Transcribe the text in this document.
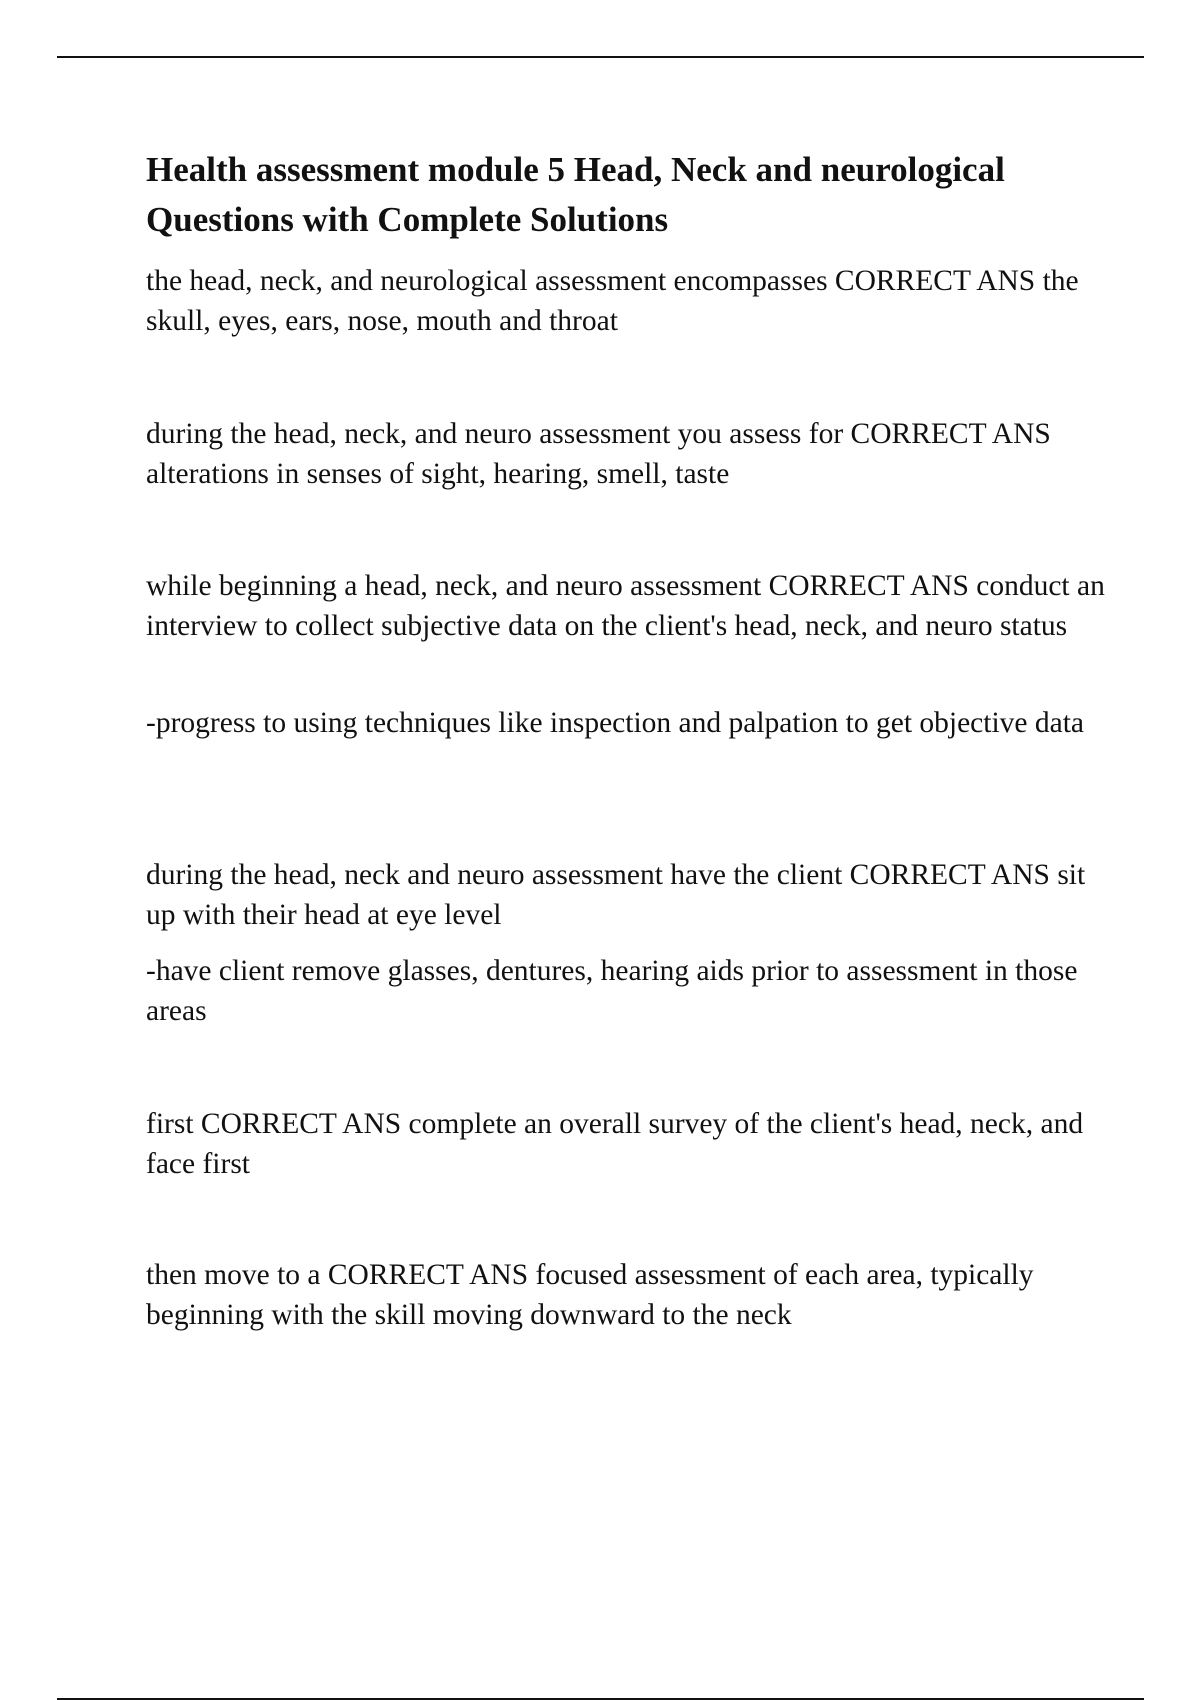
Health assessment module 5 Head, Neck and neurological Questions with Complete Solutions

the head, neck, and neurological assessment encompasses CORRECT ANS the skull, eyes, ears, nose, mouth and throat

during the head, neck, and neuro assessment you assess for CORRECT ANS alterations in senses of sight, hearing, smell, taste

while beginning a head, neck, and neuro assessment CORRECT ANS conduct an interview to collect subjective data on the client's head, neck, and neuro status

-progress to using techniques like inspection and palpation to get objective data

during the head, neck and neuro assessment have the client CORRECT ANS sit up with their head at eye level

-have client remove glasses, dentures, hearing aids prior to assessment in those areas

first CORRECT ANS complete an overall survey of the client's head, neck, and face first

then move to a CORRECT ANS focused assessment of each area, typically beginning with the skill moving downward to the neck
